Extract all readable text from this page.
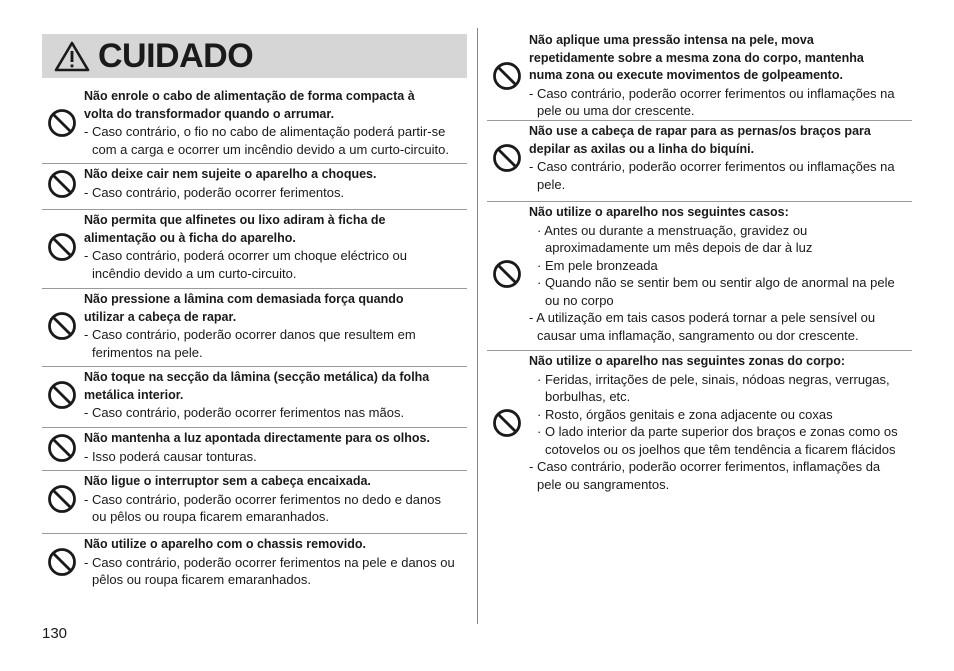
CUIDADO
Não enrole o cabo de alimentação de forma compacta à
volta do transformador quando o arrumar.
- Caso contrário, o fio no cabo de alimentação poderá partir-se
com a carga e ocorrer um incêndio devido a um curto-circuito.
Não deixe cair nem sujeite o aparelho a choques.
- Caso contrário, poderão ocorrer ferimentos.
Não permita que alfinetes ou lixo adiram à ficha de
alimentação ou à ficha do aparelho.
- Caso contrário, poderá ocorrer um choque eléctrico ou
incêndio devido a um curto-circuito.
Não pressione a lâmina com demasiada força quando
utilizar a cabeça de rapar.
- Caso contrário, poderão ocorrer danos que resultem em
ferimentos na pele.
Não toque na secção da lâmina (secção metálica) da folha
metálica interior.
- Caso contrário, poderão ocorrer ferimentos nas mãos.
Não mantenha a luz apontada directamente para os olhos.
- Isso poderá causar tonturas.
Não ligue o interruptor sem a cabeça encaixada.
- Caso contrário, poderão ocorrer ferimentos no dedo e danos
ou pêlos ou roupa ficarem emaranhados.
Não utilize o aparelho com o chassis removido.
- Caso contrário, poderão ocorrer ferimentos na pele e danos ou
pêlos ou roupa ficarem emaranhados.
Não aplique uma pressão intensa na pele, mova
repetidamente sobre a mesma zona do corpo, mantenha
numa zona ou execute movimentos de golpeamento.
- Caso contrário, poderão ocorrer ferimentos ou inflamações na
pele ou uma dor crescente.
Não use a cabeça de rapar para as pernas/os braços para
depilar as axilas ou a linha do biquíni.
- Caso contrário, poderão ocorrer ferimentos ou inflamações na
pele.
Não utilize o aparelho nos seguintes casos:
· Antes ou durante a menstruação, gravidez ou
aproximadamente um mês depois de dar à luz
· Em pele bronzeada
· Quando não se sentir bem ou sentir algo de anormal na pele
ou no corpo
- A utilização em tais casos poderá tornar a pele sensível ou
causar uma inflamação, sangramento ou dor crescente.
Não utilize o aparelho nas seguintes zonas do corpo:
· Feridas, irritações de pele, sinais, nódoas negras, verrugas,
borbulhas, etc.
· Rosto, órgãos genitais e zona adjacente ou coxas
· O lado interior da parte superior dos braços e zonas como os
cotovelos ou os joelhos que têm tendência a ficarem flácidos
- Caso contrário, poderão ocorrer ferimentos, inflamações da
pele ou sangramentos.
130
